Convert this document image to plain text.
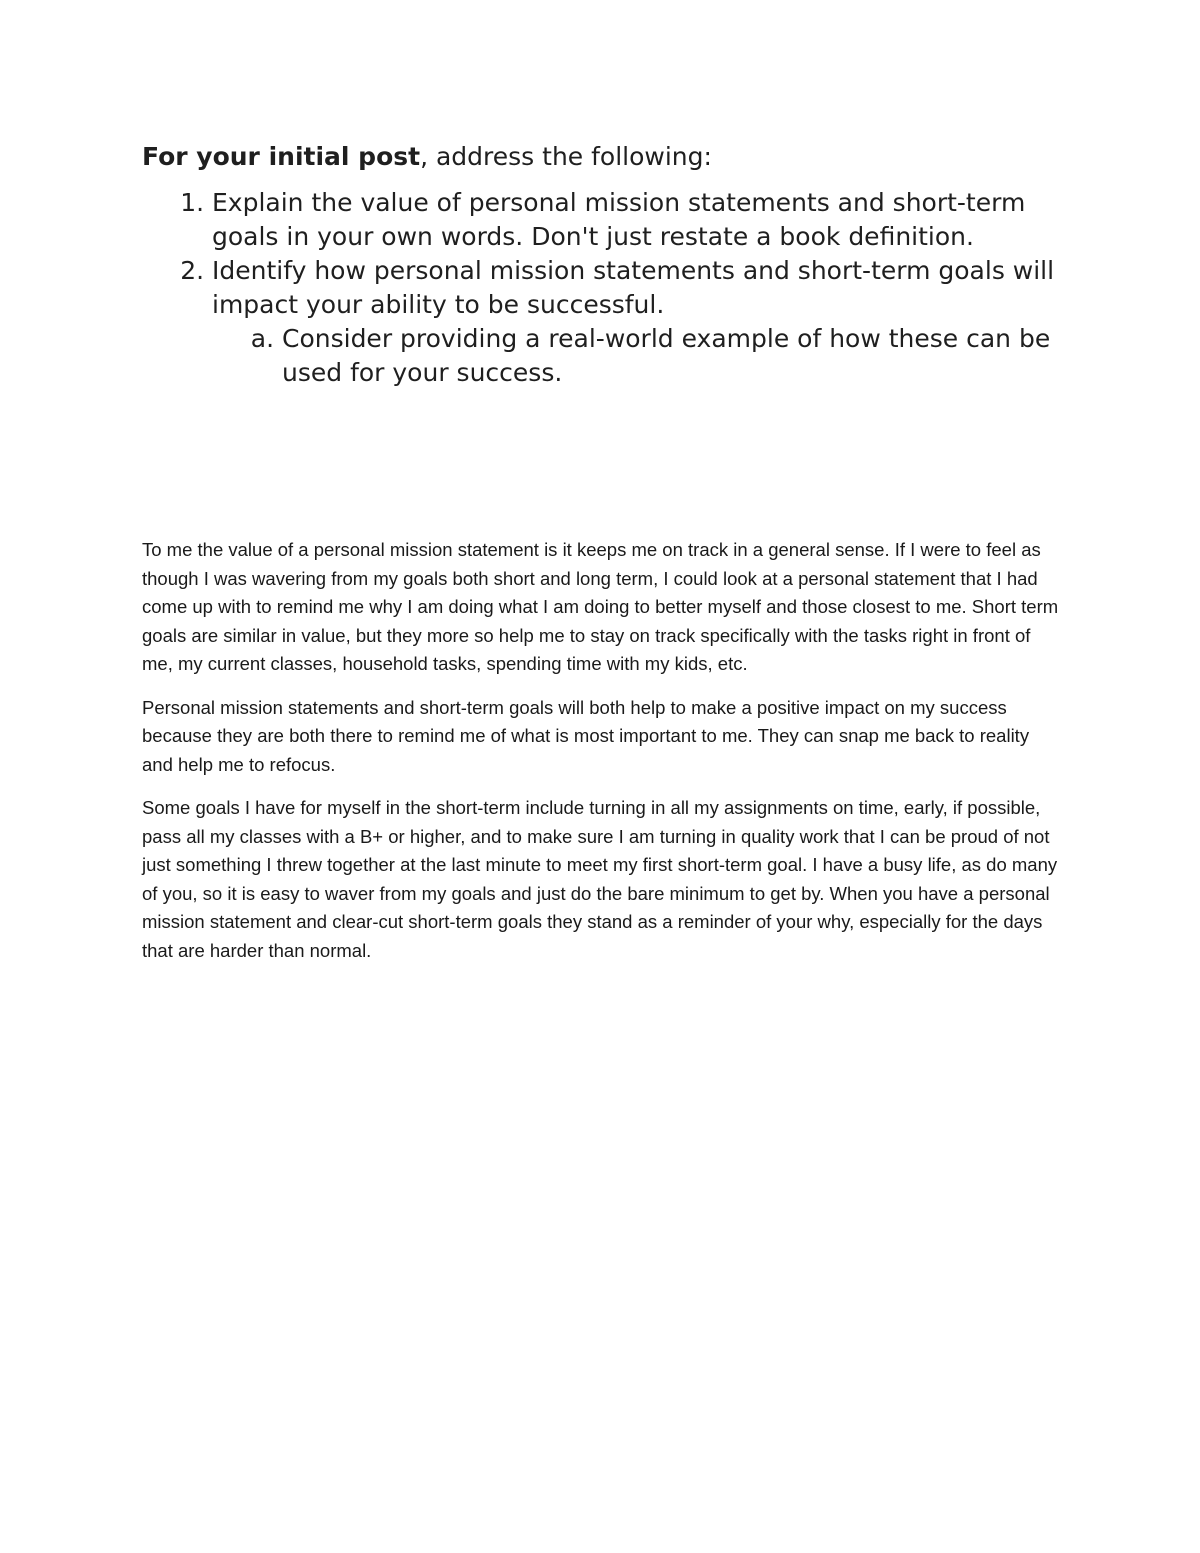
For your initial post, address the following:

1. Explain the value of personal mission statements and short-term goals in your own words. Don't just restate a book definition.
2. Identify how personal mission statements and short-term goals will impact your ability to be successful.
a. Consider providing a real-world example of how these can be used for your success.

To me the value of a personal mission statement is it keeps me on track in a general sense. If I were to feel as though I was wavering from my goals both short and long term, I could look at a personal statement that I had come up with to remind me why I am doing what I am doing to better myself and those closest to me. Short term goals are similar in value, but they more so help me to stay on track specifically with the tasks right in front of me, my current classes, household tasks, spending time with my kids, etc.

Personal mission statements and short-term goals will both help to make a positive impact on my success because they are both there to remind me of what is most important to me. They can snap me back to reality and help me to refocus.

Some goals I have for myself in the short-term include turning in all my assignments on time, early, if possible, pass all my classes with a B+ or higher, and to make sure I am turning in quality work that I can be proud of not just something I threw together at the last minute to meet my first short-term goal. I have a busy life, as do many of you, so it is easy to waver from my goals and just do the bare minimum to get by. When you have a personal mission statement and clear-cut short-term goals they stand as a reminder of your why, especially for the days that are harder than normal.
